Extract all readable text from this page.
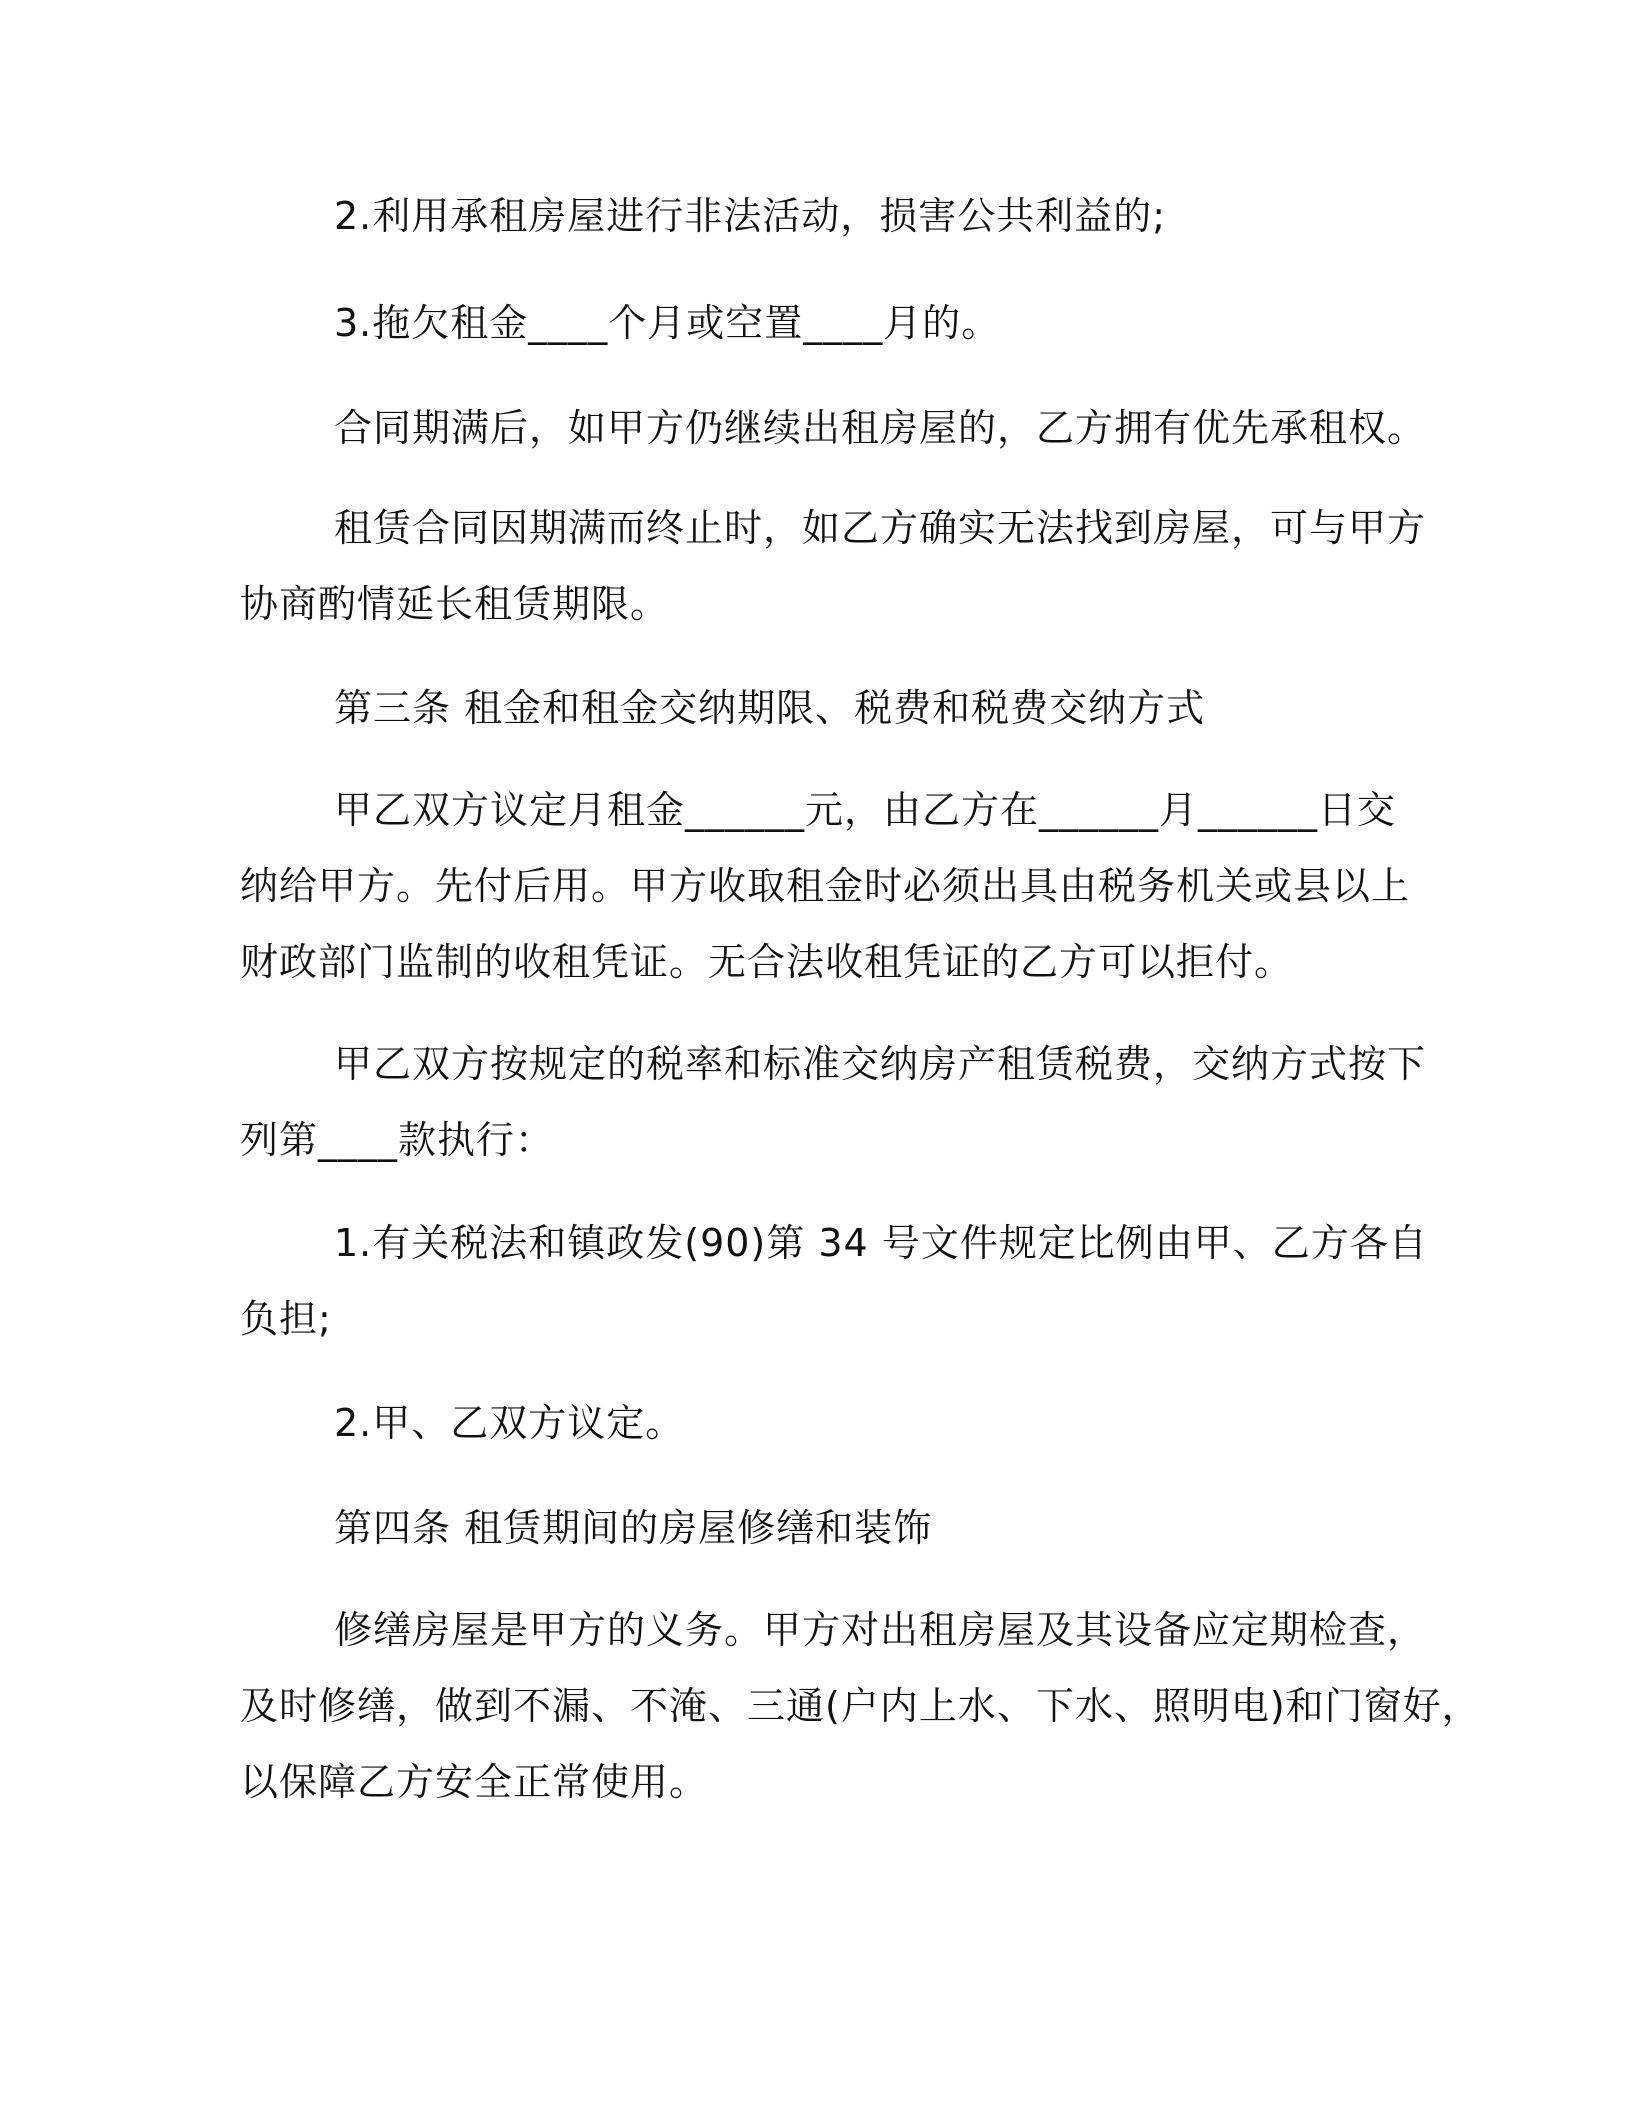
2.利用承租房屋进行非法活动，损害公共利益的;

3.拖欠租金____个月或空置____月的。

合同期满后，如甲方仍继续出租房屋的，乙方拥有优先承租权。

租赁合同因期满而终止时，如乙方确实无法找到房屋，可与甲方
协商酌情延长租赁期限。

第三条 租金和租金交纳期限、税费和税费交纳方式

甲乙双方议定月租金______元，由乙方在______月______日交
纳给甲方。先付后用。甲方收取租金时必须出具由税务机关或县以上
财政部门监制的收租凭证。无合法收租凭证的乙方可以拒付。

甲乙双方按规定的税率和标准交纳房产租赁税费，交纳方式按下
列第____款执行：

1.有关税法和镇政发(90)第 34 号文件规定比例由甲、乙方各自
负担;

2.甲、乙双方议定。

第四条 租赁期间的房屋修缮和装饰

修缮房屋是甲方的义务。甲方对出租房屋及其设备应定期检查，
及时修缮，做到不漏、不淹、三通(户内上水、下水、照明电)和门窗好，
以保障乙方安全正常使用。
